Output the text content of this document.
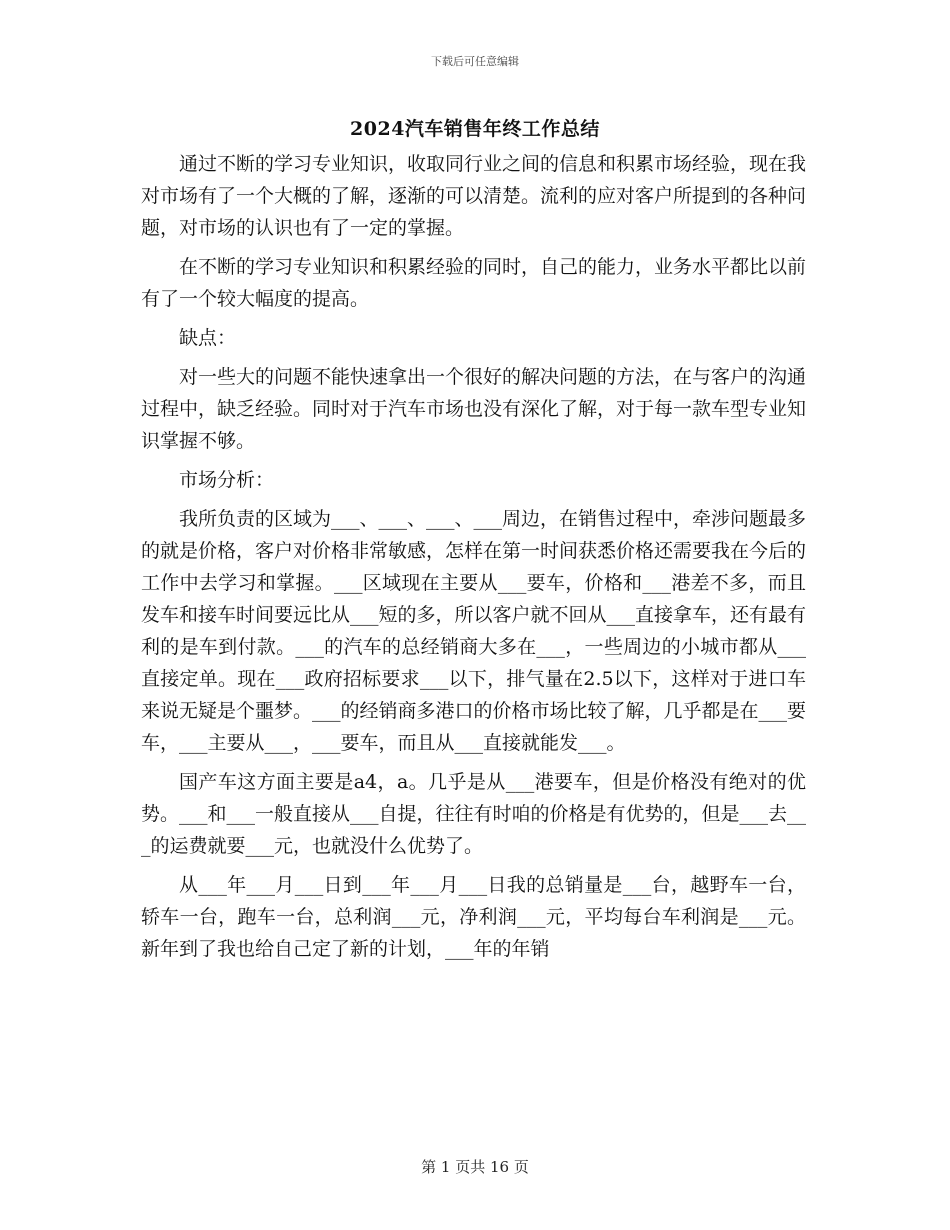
下载后可任意编辑
2024汽车销售年终工作总结

通过不断的学习专业知识，收取同行业之间的信息和积累市场经验，现在我对市场有了一个大概的了解，逐渐的可以清楚。流利的应对客户所提到的各种问题，对市场的认识也有了一定的掌握。

在不断的学习专业知识和积累经验的同时，自己的能力，业务水平都比以前有了一个较大幅度的提高。

缺点：

对一些大的问题不能快速拿出一个很好的解决问题的方法，在与客户的沟通过程中，缺乏经验。同时对于汽车市场也没有深化了解，对于每一款车型专业知识掌握不够。

市场分析：

我所负责的区域为___、___、___、___周边，在销售过程中，牵涉问题最多的就是价格，客户对价格非常敏感，怎样在第一时间获悉价格还需要我在今后的工作中去学习和掌握。___区域现在主要从___要车，价格和___港差不多，而且发车和接车时间要远比从___短的多，所以客户就不回从___直接拿车，还有最有利的是车到付款。___的汽车的总经销商大多在___，一些周边的小城市都从___直接定单。现在___政府招标要求___以下，排气量在2.5以下，这样对于进口车来说无疑是个噩梦。___的经销商多港口的价格市场比较了解，几乎都是在___要车，___主要从___，___要车，而且从___直接就能发___。

国产车这方面主要是a4，a。几乎是从___港要车，但是价格没有绝对的优势。___和___一般直接从___自提，往往有时咱的价格是有优势的，但是___去___的运费就要___元，也就没什么优势了。

从___年___月___日到___年___月___日我的总销量是___台，越野车一台，轿车一台，跑车一台，总利润___元，净利润___元，平均每台车利润是___元。新年到了我也给自己定了新的计划，___年的年销

第 1 页共 16 页
